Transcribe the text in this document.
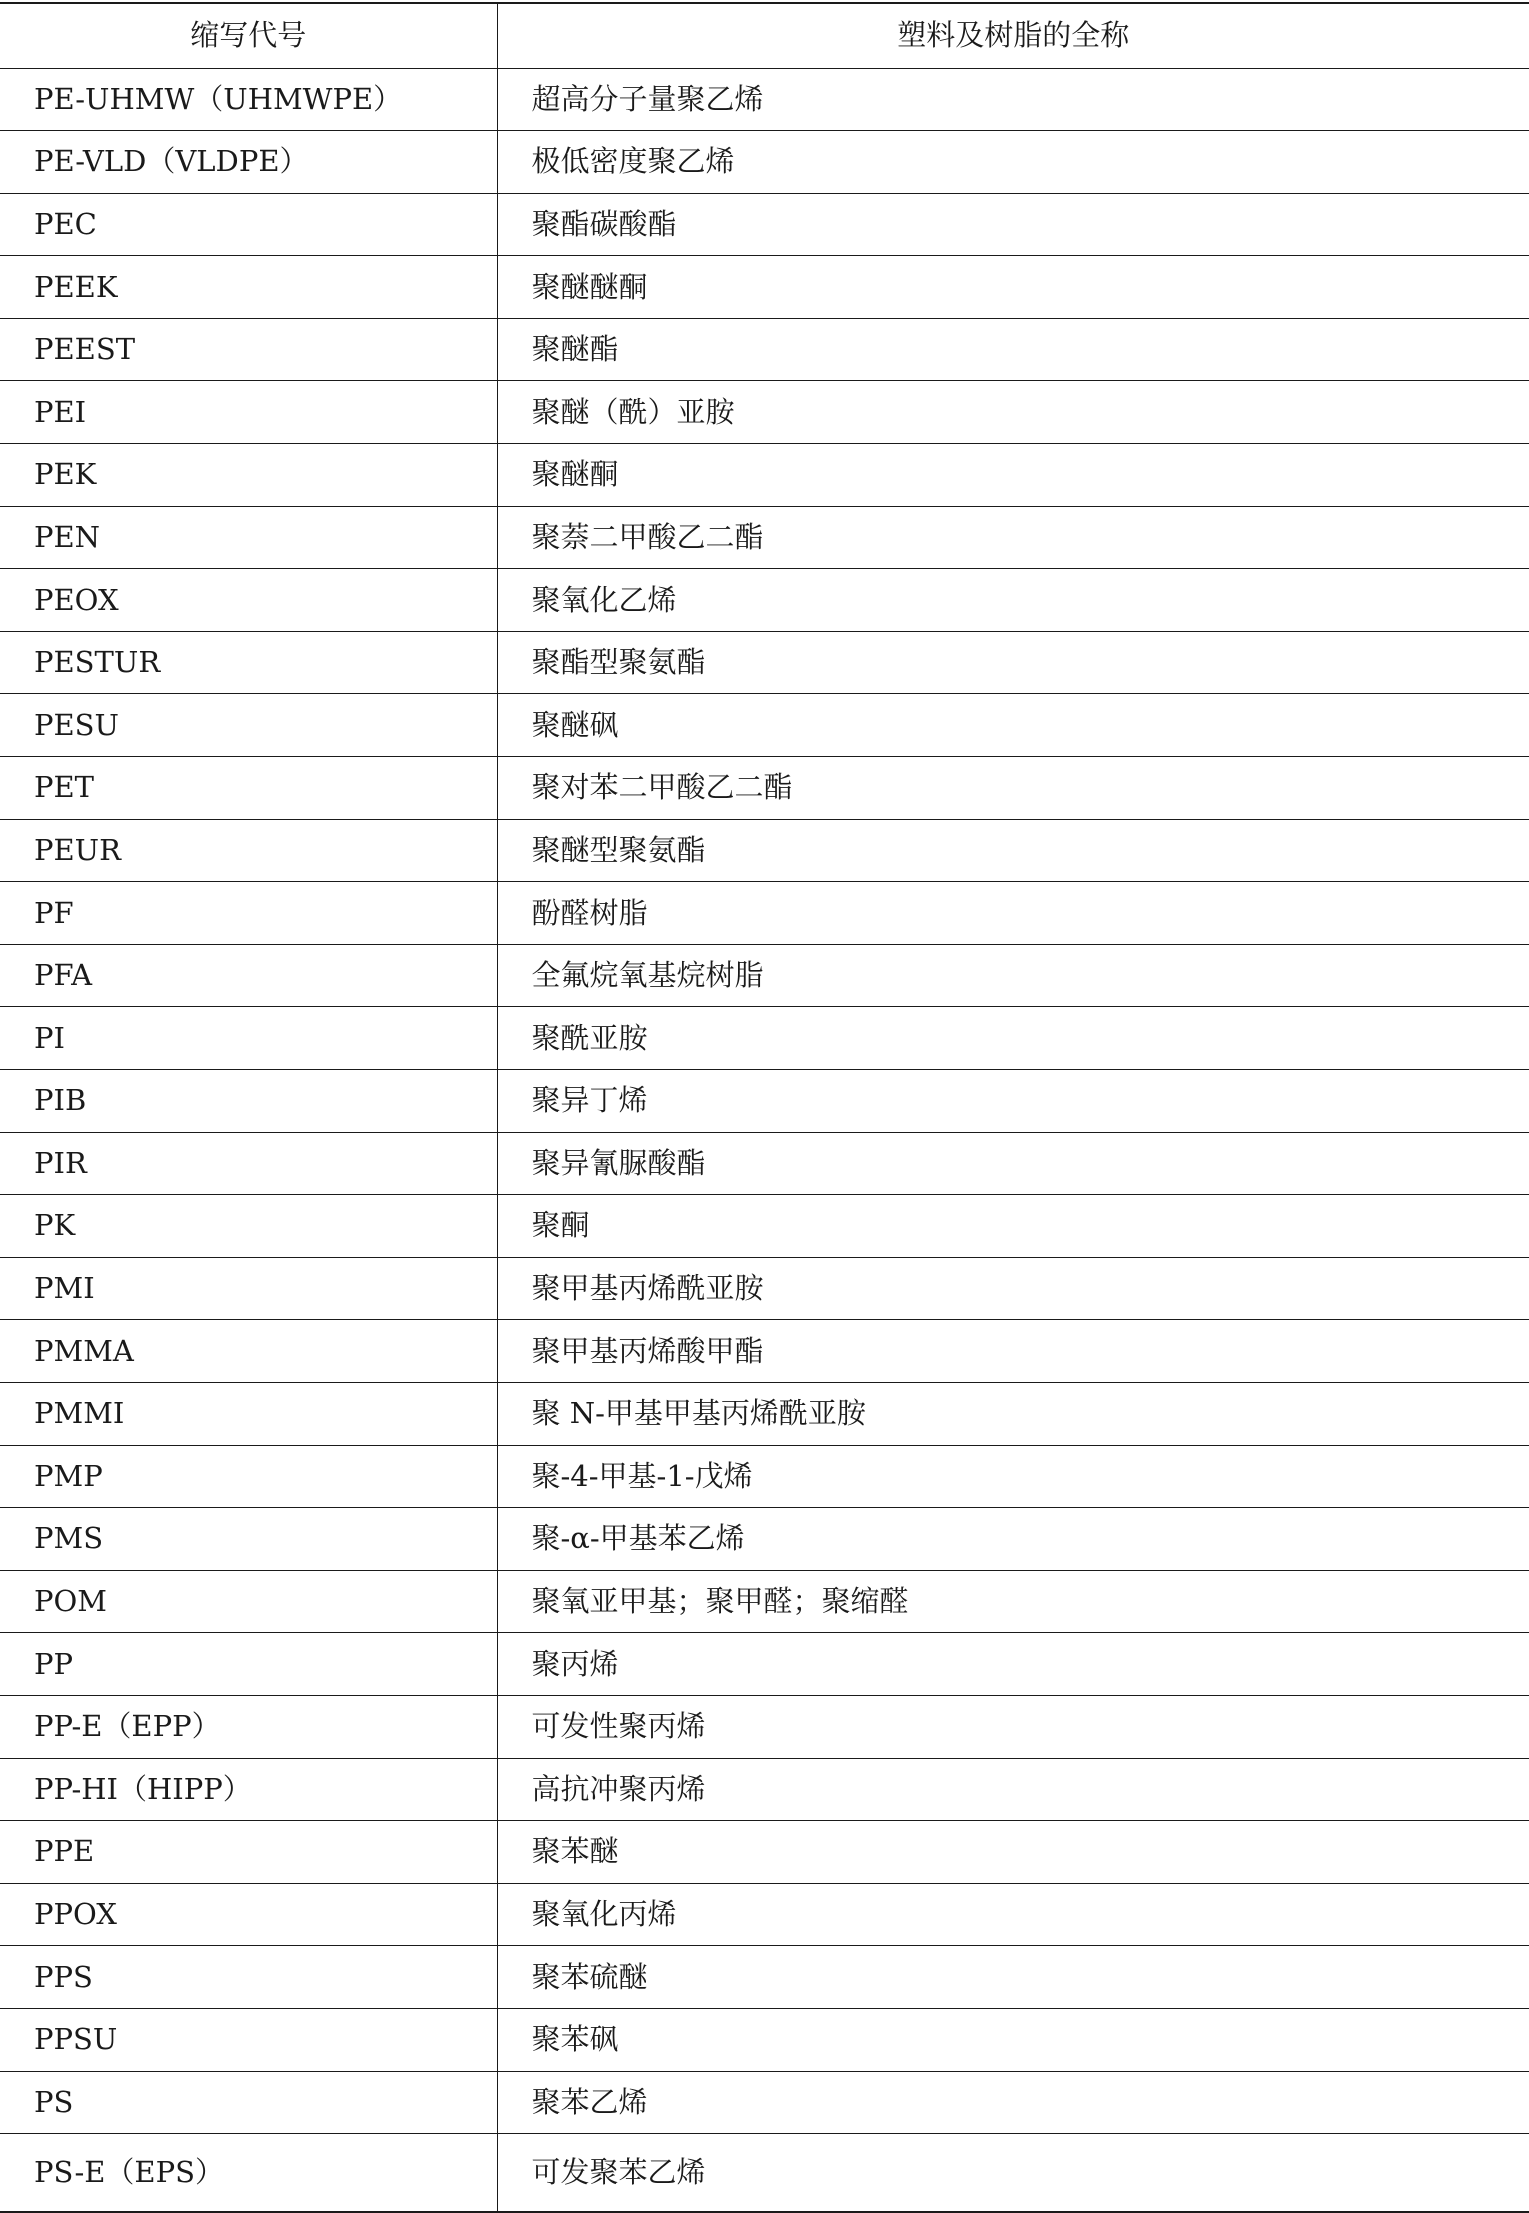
缩写代号	塑料及树脂的全称
PE-UHMW（UHMWPE）	超高分子量聚乙烯
PE-VLD（VLDPE）	极低密度聚乙烯
PEC	聚酯碳酸酯
PEEK	聚醚醚酮
PEEST	聚醚酯
PEI	聚醚（酰）亚胺
PEK	聚醚酮
PEN	聚萘二甲酸乙二酯
PEOX	聚氧化乙烯
PESTUR	聚酯型聚氨酯
PESU	聚醚砜
PET	聚对苯二甲酸乙二酯
PEUR	聚醚型聚氨酯
PF	酚醛树脂
PFA	全氟烷氧基烷树脂
PI	聚酰亚胺
PIB	聚异丁烯
PIR	聚异氰脲酸酯
PK	聚酮
PMI	聚甲基丙烯酰亚胺
PMMA	聚甲基丙烯酸甲酯
PMMI	聚 N-甲基甲基丙烯酰亚胺
PMP	聚-4-甲基-1-戊烯
PMS	聚-α-甲基苯乙烯
POM	聚氧亚甲基；聚甲醛；聚缩醛
PP	聚丙烯
PP-E（EPP）	可发性聚丙烯
PP-HI（HIPP）	高抗冲聚丙烯
PPE	聚苯醚
PPOX	聚氧化丙烯
PPS	聚苯硫醚
PPSU	聚苯砜
PS	聚苯乙烯
PS-E（EPS）	可发聚苯乙烯
